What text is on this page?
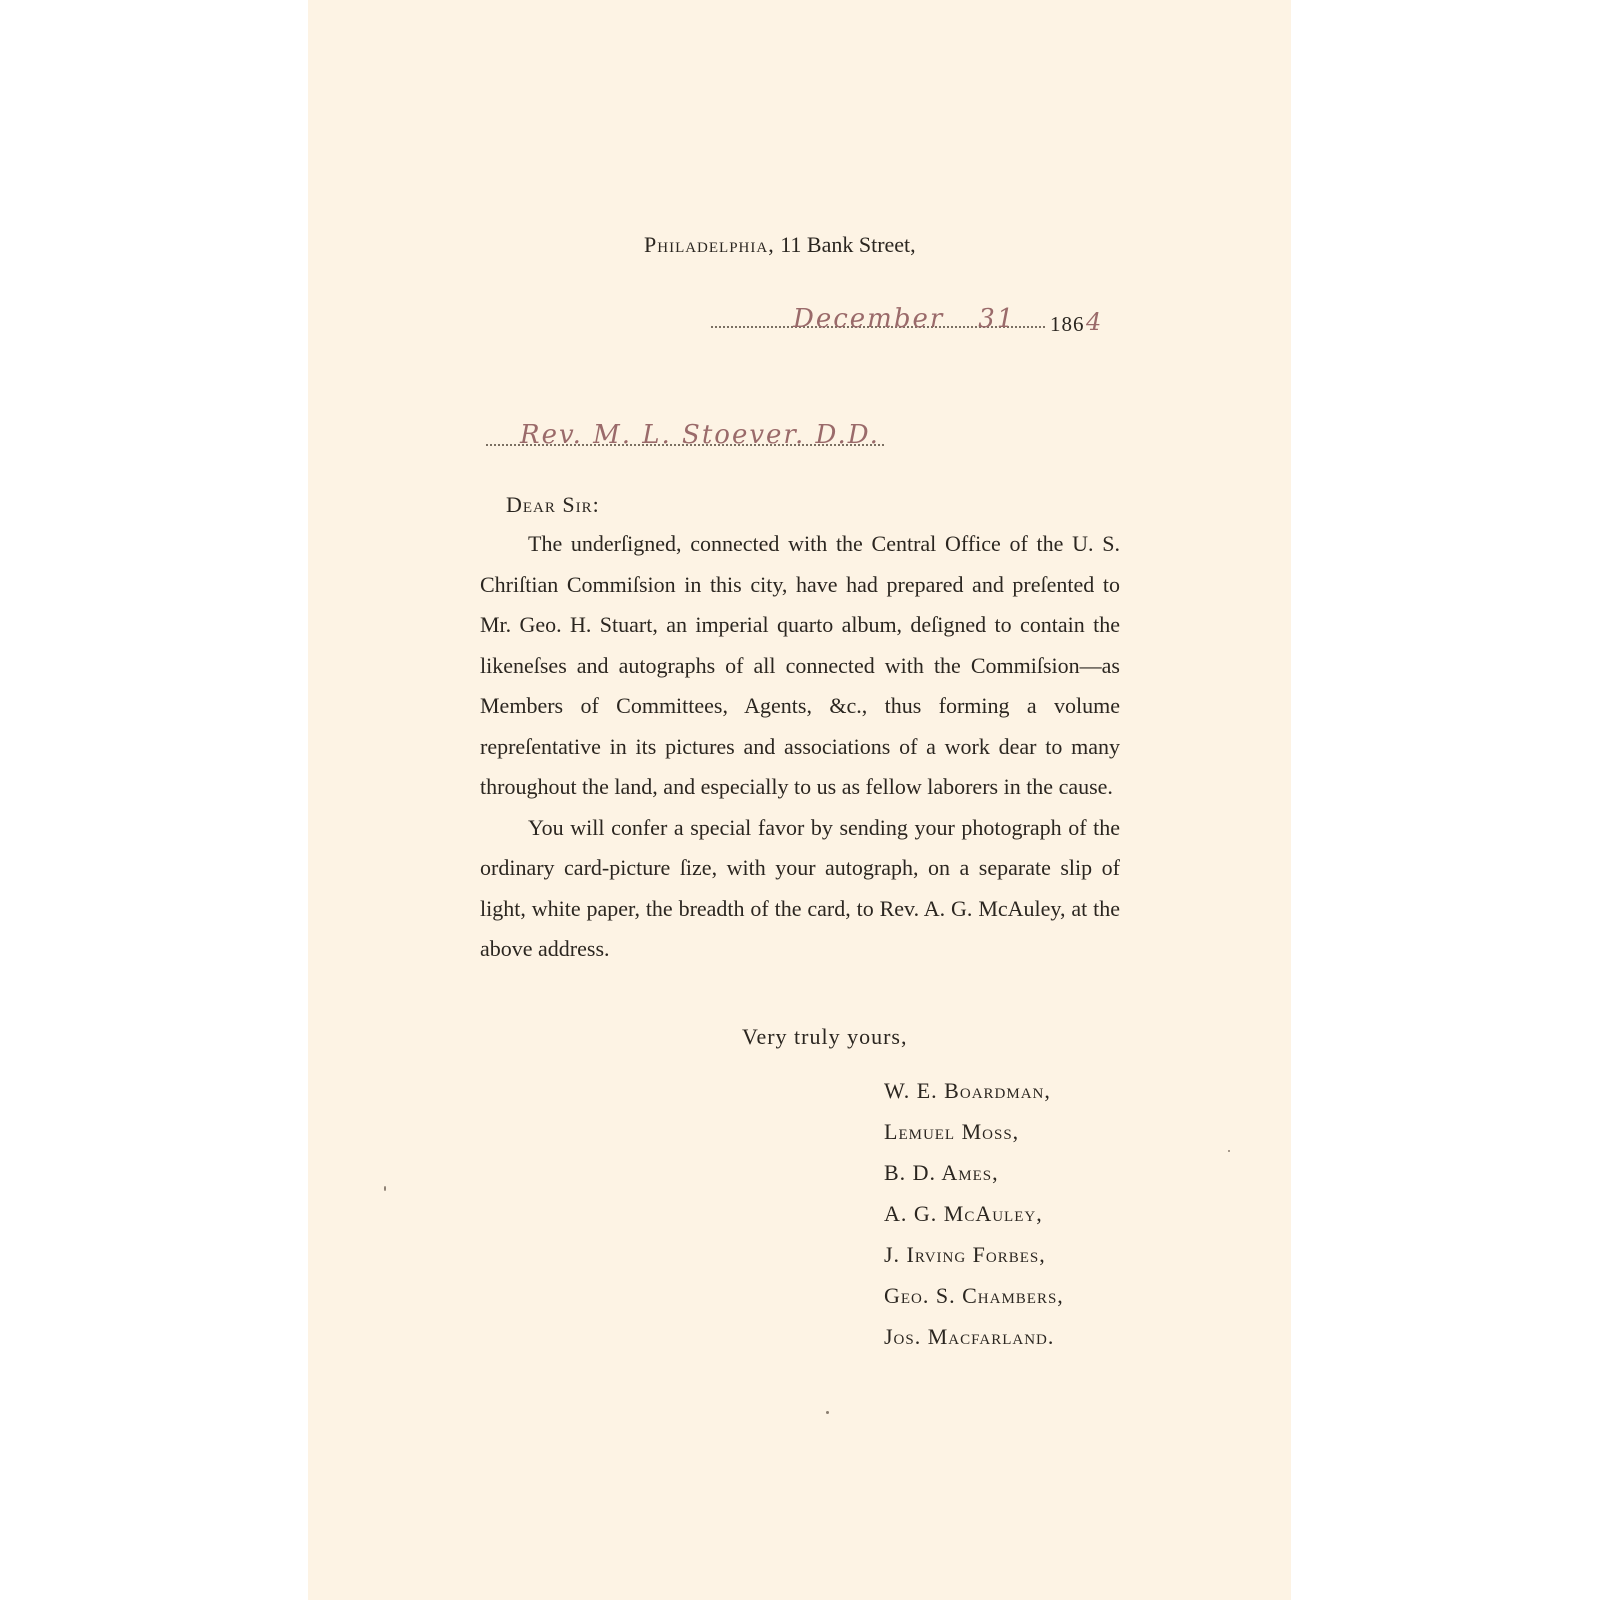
Philadelphia, 11 Bank Street,
December 31 186 4
Rev. M. L. Stoever. D.D.
Dear Sir:

The underſigned, connected with the Central Office of the U. S. Chriſtian Commiſsion in this city, have had prepared and preſented to Mr. Geo. H. Stuart, an imperial quarto album, deſigned to contain the likeneſses and autographs of all connected with the Commiſsion—as Members of Committees, Agents, &c., thus forming a volume repreſentative in its pictures and associations of a work dear to many throughout the land, and especially to us as fellow laborers in the cause.

You will confer a special favor by sending your photograph of the ordinary card-picture ſize, with your autograph, on a separate slip of light, white paper, the breadth of the card, to Rev. A. G. McAuley, at the above address.

Very truly yours,
W. E. Boardman,
Lemuel Moss,
B. D. Ames,
A. G. McAuley,
J. Irving Forbes,
Geo. S. Chambers,
Jos. Macfarland.
